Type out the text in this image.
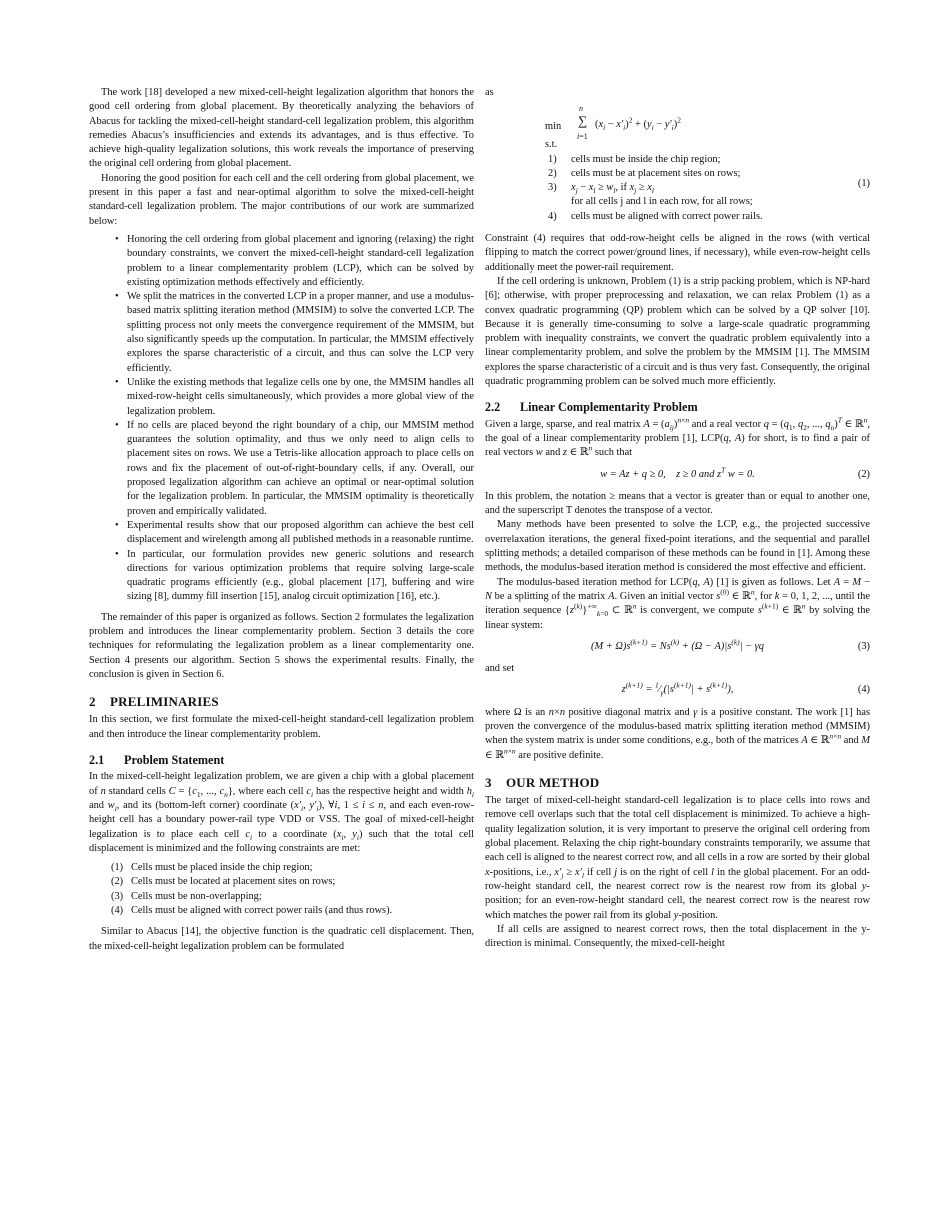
The work [18] developed a new mixed-cell-height legalization algorithm that honors the good cell ordering from global placement. By theoretically analyzing the behaviors of Abacus for tackling the mixed-cell-height standard-cell legalization problem, this algorithm remedies Abacus’s insufficiencies and extends its advantages, and is thus effective. To achieve high-quality legalization solutions, this work reveals the importance of preserving the original cell ordering from global placement.

Honoring the good position for each cell and the cell ordering from global placement, we present in this paper a fast and near-optimal algorithm to solve the mixed-cell-height standard-cell legalization problem. The major contributions of our work are summarized below:

• Honoring the cell ordering from global placement and ignoring (relaxing) the right boundary constraints, we convert the mixed-cell-height standard-cell legalization problem to a linear complementarity problem (LCP), which can be solved by existing optimization methods effectively and efficiently.
• We split the matrices in the converted LCP in a proper manner, and use a modulus-based matrix splitting iteration method (MMSIM) to solve the converted LCP. The splitting process not only meets the convergence requirement of the MMSIM, but also significantly speeds up the computation. In particular, the MMSIM effectively explores the sparse characteristic of a circuit, and thus can solve the LCP very efficiently.
• Unlike the existing methods that legalize cells one by one, the MMSIM handles all mixed-row-height cells simultaneously, which provides a more global view of the legalization problem.
• If no cells are placed beyond the right boundary of a chip, our MMSIM method guarantees the solution optimality, and thus we only need to align cells to placement sites on rows. We use a Tetris-like allocation approach to place cells on rows and fix the placement of out-of-right-boundary cells, if any. Overall, our proposed legalization algorithm can achieve an optimal or near-optimal solution for the legalization problem. In particular, the MMSIM optimality is theoretically proven and empirically validated.
• Experimental results show that our proposed algorithm can achieve the best cell displacement and wirelength among all published methods in a reasonable runtime.
• In particular, our formulation provides new generic solutions and research directions for various optimization problems that require solving large-scale quadratic programs efficiently (e.g., global placement [17], buffering and wire sizing [8], dummy fill insertion [15], analog circuit optimization [16], etc.).

The remainder of this paper is organized as follows. Section 2 formulates the legalization problem and introduces the linear complementarity problem. Section 3 details the core techniques for reformulating the legalization problem as a linear complementarity one. Section 4 presents our algorithm. Section 5 shows the experimental results. Finally, the conclusion is given in Section 6.

2 PRELIMINARIES

In this section, we first formulate the mixed-cell-height standard-cell legalization problem and then introduce the linear complementarity problem.

2.1 Problem Statement

In the mixed-cell-height legalization problem, we are given a chip with a global placement of n standard cells $C = \{c_1$, ..., $c_n$}, where each cell $c_i$ has the respective height and width $h_i$ and $w_i$, and its (bottom-left corner) coordinate ($x'_i$, $y'_i$), ∀i, 1 ≤ i ≤ n, and each even-row-height cell has a boundary power-rail type VDD or VSS. The goal of mixed-cell-height legalization is to place each cell $c_i$ to a coordinate ($x_i$, $y_i$) such that the total cell displacement is minimized and the following constraints are met:

(1) Cells must be placed inside the chip region;
(2) Cells must be located at placement sites on rows;
(3) Cells must be non-overlapping;
(4) Cells must be aligned with correct power rails (and thus rows).

Similar to Abacus [14], the objective function is the quadratic cell displacement. Then, the mixed-cell-height legalization problem can be formulated

as

min
n
∑
i=1
$(x_i - x'_i)^2 + (y_i - y'_i)^2$
s.t.
1) cells must be inside the chip region;
2) cells must be at placement sites on rows;
3) $x_j - x_l \ge w_l$, if $x_j \ge x_l$
for all cells j and l in each row, for all rows;
4) cells must be aligned with correct power rails.
(1)

Constraint (4) requires that odd-row-height cells be aligned in the rows (with vertical flipping to match the correct power/ground lines, if necessary), while even-row-height cells additionally meet the power-rail requirement.

If the cell ordering is unknown, Problem (1) is a strip packing problem, which is NP-hard [6]; otherwise, with proper preprocessing and relaxation, we can relax Problem (1) as a convex quadratic programming (QP) problem which can be solved by a QP solver [10]. Because it is generally time-consuming to solve a large-scale quadratic programming problem with inequality constraints, we convert the quadratic problem equivalently into a linear complementarity problem, and solve the problem by the MMSIM [1]. The MMSIM explores the sparse characteristic of a circuit and is thus very fast. Consequently, the original quadratic programming problem can be solved much more efficiently.

2.2 Linear Complementarity Problem

Given a large, sparse, and real matrix $A = (a_{ij})^{n\times n}$ and a real vector $q = (q_1$, $q_2$, ..., $q_n)^T$ ∈ ℝ$^n$, the goal of a linear complementarity problem [1], LCP(q, A) for short, is to find a pair of real vectors w and z ∈ ℝ$^n$ such that

w = Az + q ≥ 0,    z ≥ 0 and $z^T$ w = 0.	(2)

In this problem, the notation ≥ means that a vector is greater than or equal to another one, and the superscript T denotes the transpose of a vector.

Many methods have been presented to solve the LCP, e.g., the projected successive overrelaxation iterations, the general fixed-point iterations, and the sequential and parallel splitting methods; a detailed comparison of these methods can be found in [1]. Among these methods, the modulus-based iteration method is considered the most effective and efficient.

The modulus-based iteration method for LCP(q, A) [1] is given as follows. Let A = M − N be a splitting of the matrix A. Given an initial vector $s^{(0)}$ ∈ ℝ$^n$, for k = 0, 1, 2, ..., until the iteration sequence $\{z^{(k)}\}^{+\infty}_{k=0}$ ⊂ ℝ$^n$ is convergent, we compute $s^{(k+1)}$ ∈ ℝ$^n$ by solving the linear system:

$(M + \Omega)s^{(k+1)} = Ns^{(k)} + (\Omega - A)|s^{(k)}| - \gamma q$	(3)

and set

$z^{(k+1)}$ = $^1⁄_\gamma(|s^{(k+1)}| + s^{(k+1)})$,	(4)

where Ω is an n×n positive diagonal matrix and γ is a positive constant. The work [1] has proven the convergence of the modulus-based matrix splitting iteration method (MMSIM) when the system matrix is under some conditions, e.g., both of the matrices A ∈ ℝ$^{n\times n}$ and M ∈ ℝ$^{n\times n}$ are positive definite.

3 OUR METHOD

The target of mixed-cell-height standard-cell legalization is to place cells into rows and remove cell overlaps such that the total cell displacement is minimized. To achieve a high-quality legalization solution, it is very important to preserve the original cell ordering from global placement. Relaxing the chip right-boundary constraints temporarily, we assume that each cell is aligned to the nearest correct row, and all cells in a row are sorted by their global x-positions, i.e., $x'_j \ge x'_l$ if cell j is on the right of cell l in the global placement. For an odd-row-height standard cell, the nearest correct row is the nearest row from its global y-position; for an even-row-height standard cell, the nearest correct row is the nearest row which matches the power rail from its global y-position.

If all cells are assigned to nearest correct rows, then the total displacement in the y-direction is minimal. Consequently, the mixed-cell-height
